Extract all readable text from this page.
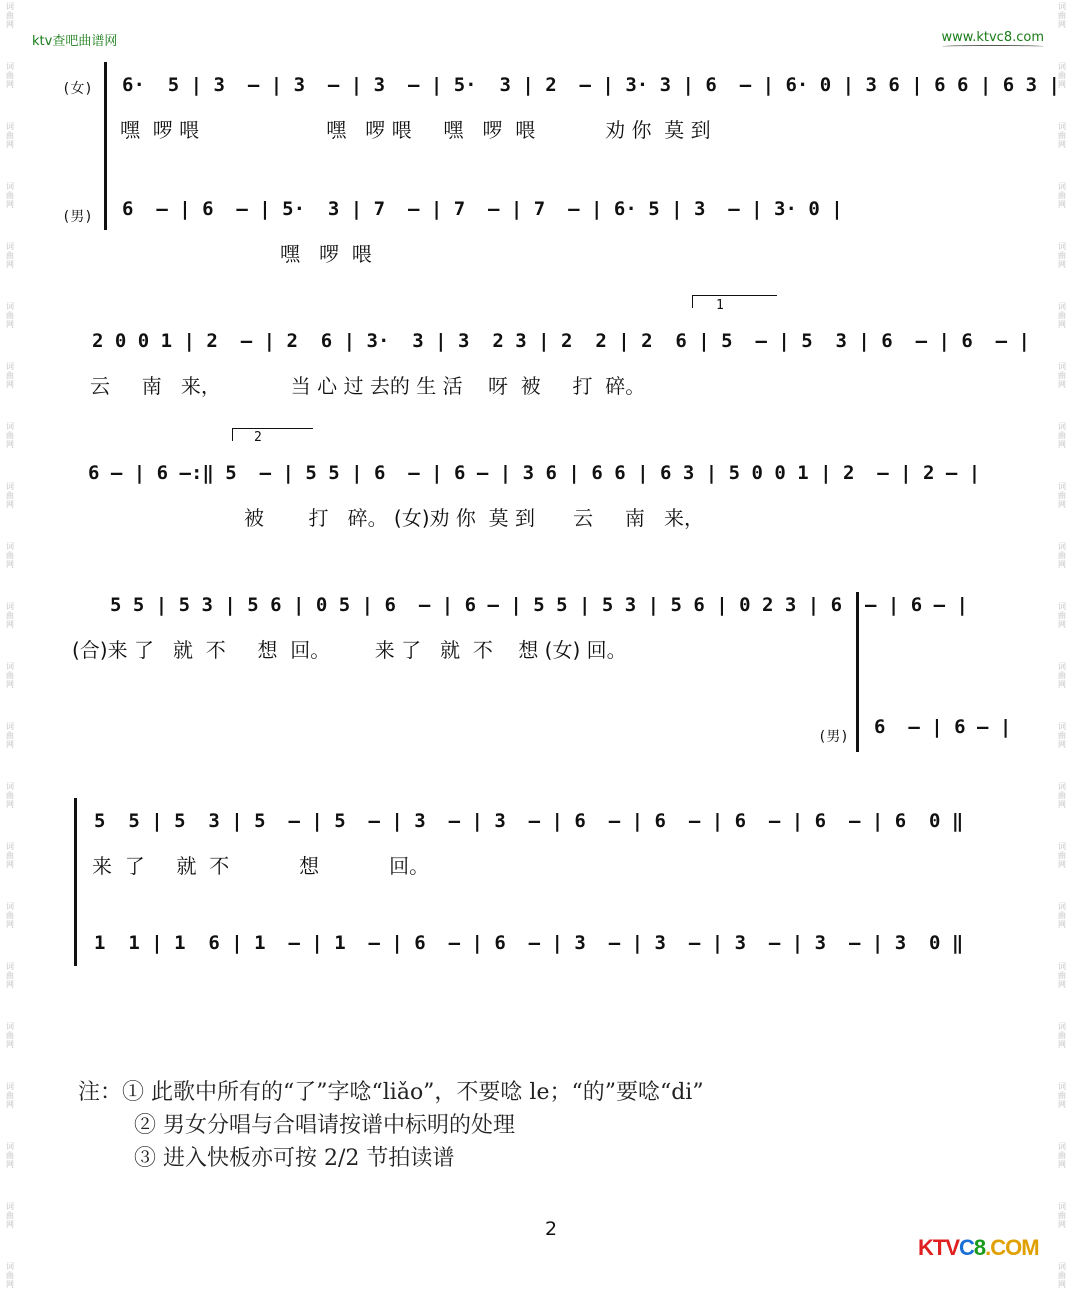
词
曲
网
词
曲
网
词
曲
网
词
曲
网
词
曲
网
词
曲
网
词
曲
网
词
曲
网
词
曲
网
词
曲
网
词
曲
网
词
曲
网
词
曲
网
词
曲
网
词
曲
网
词
曲
网
词
曲
网
词
曲
网
词
曲
网
词
曲
网
词
曲
网
词
曲
网
词
曲
网
词
曲
网
词
曲
网
词
曲
网
词
曲
网
词
曲
网
词
曲
网
词
曲
网
词
曲
网
词
曲
网
词
曲
网
词
曲
网
词
曲
网
词
曲
网
词
曲
网
词
曲
网
词
曲
网
词
曲
网
词
曲
网
词
曲
网
词
曲
网
词
曲
网
ktv查吧曲谱网	www.ktvc8.com
(女) 6·  5 | 3  — | 3  — | 3  — | 5·  3 | 2  — | 3· 3 | 6  — | 6· 0 | 3 6 | 6 6 | 6 3 |
嘿  啰 喂                    嘿   啰 喂     嘿   啰  喂           劝 你  莫 到
(男) 6  — | 6  — | 5·  3 | 7  — | 7  — | 7  — | 6· 5 | 3  — | 3· 0 |
嘿   啰  喂
2 0 0 1 | 2  — | 2  6 | 3·  3 | 3  2 3 | 2  2 | 2  6 | 5  — | 5  3 | 6  — | 6  — |
云     南   来，           当 心 过 去的 生 活    呀  被     打  碎。
1
6 — | 6 —:‖ 5  — | 5 5 | 6  — | 6 — | 3 6 | 6 6 | 6 3 | 5 0 0 1 | 2  — | 2 — |
被       打   碎。 (女)劝 你  莫 到      云     南   来，
2
5 5 | 5 3 | 5 6 | 0 5 | 6  — | 6 — | 5 5 | 5 3 | 5 6 | 0 2 3 | 6  — | 6 — |
(合)来 了   就  不     想  回。       来 了   就  不    想 (女) 回。
(男) 6  — | 6 — |
5  5 | 5  3 | 5  — | 5  — | 3  — | 3  — | 6  — | 6  — | 6  — | 6  — | 6  0 ‖
来  了     就  不           想           回。
1  1 | 1  6 | 1  — | 1  — | 6  — | 6  — | 3  — | 3  — | 3  — | 3  — | 3  0 ‖
注：① 此歌中所有的“了”字唸“liǎo”，不要唸 le；“的”要唸“di”
② 男女分唱与合唱请按谱中标明的处理
③ 进入快板亦可按 2/2 节拍读谱
2
KTVC8.COM
